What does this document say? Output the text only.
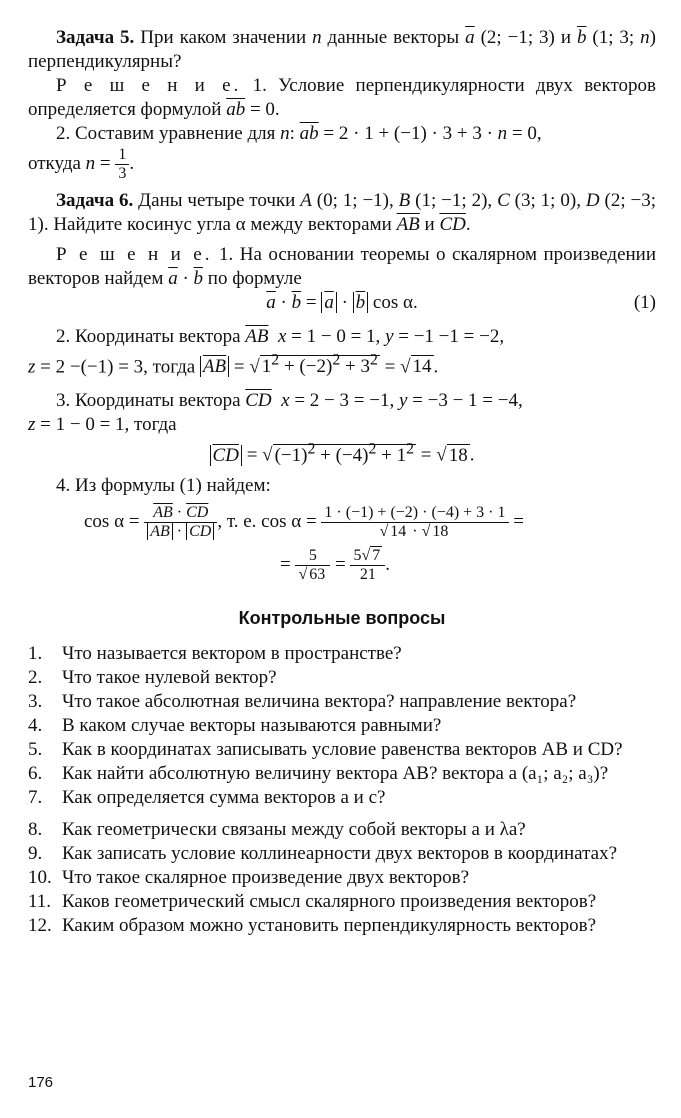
Задача 5. При каком значении n данные векторы $\overline{a}$ (2; −1; 3) и $\overline{b}$ (1; 3; n) перпендикулярны?

Р е ш е н и е. 1. Условие перпендикулярности двух векторов определяется формулой $\overline{ab} = 0$.

2. Составим уравнение для n: $\overline{ab} = 2 \cdot 1 + (-1) \cdot 3 + 3 \cdot n = 0$,

откуда $n = \frac{1}{3}$ .

Задача 6. Даны четыре точки A (0; 1; −1), B (1; −1; 2), C (3; 1; 0), D (2; −3; 1). Найдите косинус угла α между векторами $\overline{AB}$ и $\overline{CD}$.

Р е ш е н и е. 1. На основании теоремы о скалярном произведении векторов найдем $\overline{a} \cdot \overline{b}$ по формуле

$\overline{a} \cdot \overline{b} = \overline{a} \cdot \overline{b}$ cos α.	(1)

2. Координаты вектора $\overline{AB}$ x = 1 − 0 = 1, y = −1 −1 = −2,

z = 2 −(−1) = 3, тогда $\overline{AB}$ = √ $1^2 + (-2)^2 + 3^2$ = √ 14 .

3. Координаты вектора $\overline{CD}$ x = 2 − 3 = −1, y = −3 − 1 = −4,

z = 1 − 0 = 1, тогда

$\overline{CD}$ = √ $(-1)^2 + (-4)^2 + 1^2$ = √ 18 .

4. Из формулы (1) найдем:

$\cos \alpha = \frac{\overline{AB} \cdot \overline{CD}}{\overline{AB} \cdot \overline{CD}}$ , т. е. $\cos \alpha = \frac{1 \cdot (-1) + (-2) \cdot (-4) + 3 \cdot 1}{√ 14 \cdot √ 18}$ =

= $\frac{5}{√ 63} = \frac{5√ 7}{21}$ .

Контрольные вопросы
1. Что называется вектором в пространстве?
2. Что такое нулевой вектор?
3. Что такое абсолютная величина вектора? направление вектора?
4. В каком случае векторы называются равными?
5. Как в координатах записывать условие равенства векторов AB и CD?
6. Как найти абсолютную величину вектора AB? вектора a (a₁; a₂; a₃)?
7. Как определяется сумма векторов a и c?
8. Как геометрически связаны между собой векторы a и λa?
9. Как записать условие коллинеарности двух векторов в координатах?
10. Что такое скалярное произведение двух векторов?
11. Каков геометрический смысл скалярного произведения векторов?
12. Каким образом можно установить перпендикулярность векторов?
176
